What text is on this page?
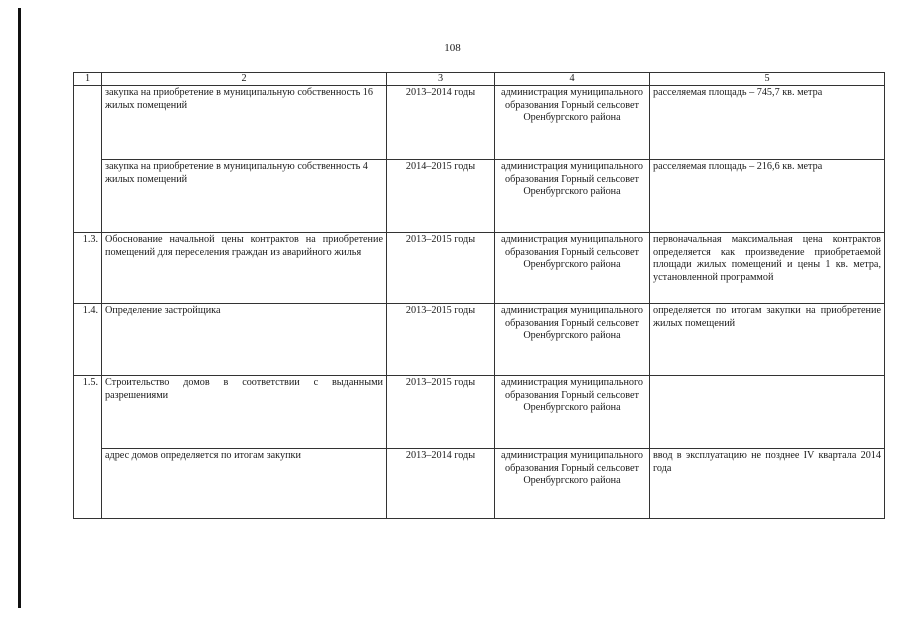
108
1	2	3	4	5
	закупка на приобретение в муниципальную собственность 16 жилых помещений	2013–2014 годы	администрация муниципального образования Горный сельсовет Оренбургского района	расселяемая площадь – 745,7 кв. метра
	закупка на приобретение в муниципальную собственность 4 жилых помещений	2014–2015 годы	администрация муниципального образования Горный сельсовет Оренбургского района	расселяемая площадь – 216,6 кв. метра
1.3.	Обоснование начальной цены контрактов на приобретение помещений для переселения граждан из аварийного жилья	2013–2015 годы	администрация муниципального образования Горный сельсовет Оренбургского района	первоначальная максимальная цена контрактов определяется как произведение приобретаемой площади жилых помещений и цены 1 кв. метра, установленной программой
1.4.	Определение застройщика	2013–2015 годы	администрация муниципального образования Горный сельсовет Оренбургского района	определяется по итогам закупки на приобретение жилых помещений
1.5.	Строительство домов в соответствии с выданными разрешениями	2013–2015 годы	администрация муниципального образования Горный сельсовет Оренбургского района	
	адрес домов определяется по итогам закупки	2013–2014 годы	администрация муниципального образования Горный сельсовет Оренбургского района	ввод в эксплуатацию не позднее IV квартала 2014 года
